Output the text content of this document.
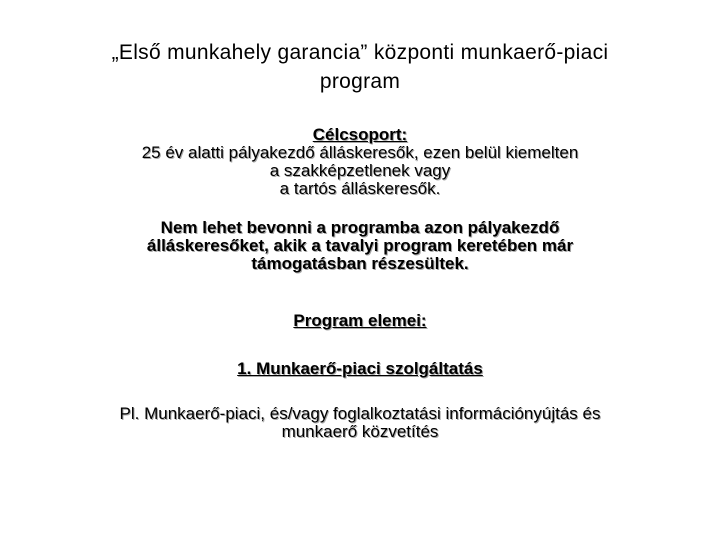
„Első munkahely garancia” központi munkaerő-piaci
program
Célcsoport:
25 év alatti pályakezdő álláskeresők, ezen belül kiemelten
a szakképzetlenek vagy
a tartós álláskeresők.
Nem lehet bevonni a programba azon pályakezdő
álláskeresőket, akik a tavalyi program keretében már
támogatásban részesültek.
Program elemei:
1. Munkaerő-piaci szolgáltatás
Pl. Munkaerő-piaci, és/vagy foglalkoztatási információnyújtás és
munkaerő közvetítés
